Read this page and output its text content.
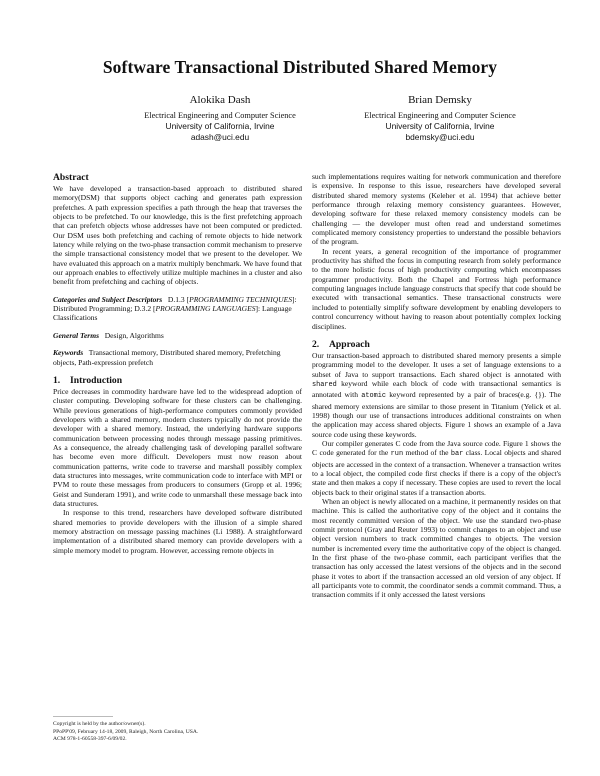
Software Transactional Distributed Shared Memory
Alokika Dash
Electrical Engineering and Computer Science
University of California, Irvine
adash@uci.edu
Brian Demsky
Electrical Engineering and Computer Science
University of California, Irvine
bdemsky@uci.edu
Abstract

We have developed a transaction-based approach to distributed shared memory(DSM) that supports object caching and generates path expression prefetches. A path expression specifies a path through the heap that traverses the objects to be prefetched. To our knowledge, this is the first prefetching approach that can prefetch objects whose addresses have not been computed or predicted. Our DSM uses both prefetching and caching of remote objects to hide network latency while relying on the two-phase transaction commit mechanism to preserve the simple transactional consistency model that we present to the developer. We have evaluated this approach on a matrix multiply benchmark. We have found that our approach enables to effectively utilize multiple machines in a cluster and also benefit from prefetching and caching of objects.

Categories and Subject Descriptors D.1.3 [PROGRAMMING TECHNIQUES]: Distributed Programming; D.3.2 [PROGRAMMING LANGUAGES]: Language Classifications

General Terms Design, Algorithms

Keywords Transactional memory, Distributed shared memory, Prefetching objects, Path-expression prefetch

1. Introduction

Price decreases in commodity hardware have led to the widespread adoption of cluster computing. Developing software for these clusters can be challenging. While previous generations of high-performance computers commonly provided developers with a shared memory, modern clusters typically do not provide the developer with a shared memory. Instead, the underlying hardware supports communication between processing nodes through message passing primitives. As a consequence, the already challenging task of developing parallel software has become even more difficult. Developers must now reason about communication patterns, write code to traverse and marshall possibly complex data structures into messages, write communication code to interface with MPI or PVM to route these messages from producers to consumers (Gropp et al. 1996; Geist and Sunderam 1991), and write code to unmarshall these message back into data structures.

In response to this trend, researchers have developed software distributed shared memories to provide developers with the illusion of a simple shared memory abstraction on message passing machines (Li 1988). A straightforward implementation of a distributed shared memory can provide developers with a simple memory model to program. However, accessing remote objects in

such implementations requires waiting for network communication and therefore is expensive. In response to this issue, researchers have developed several distributed shared memory systems (Keleher et al. 1994) that achieve better performance through relaxing memory consistency guarantees. However, developing software for these relaxed memory consistency models can be challenging — the developer must often read and understand sometimes complicated memory consistency properties to understand the possible behaviors of the program.

In recent years, a general recognition of the importance of programmer productivity has shifted the focus in computing research from solely performance to the more holistic focus of high productivity computing which encompasses programmer productivity. Both the Chapel and Fortress high performance computing languages include language constructs that specify that code should be executed with transactional semantics. These transactional constructs were included to potentially simplify software development by enabling developers to control concurrency without having to reason about potentially complex locking disciplines.

2. Approach

Our transaction-based approach to distributed shared memory presents a simple programming model to the developer. It uses a set of language extensions to a subset of Java to support transactions. Each shared object is annotated with shared keyword while each block of code with transactional semantics is annotated with atomic keyword represented by a pair of braces(e.g. {}). The shared memory extensions are similar to those present in Titanium (Yelick et al. 1998) though our use of transactions introduces additional constraints on when the application may access shared objects. Figure 1 shows an example of a Java source code using these keywords.

Our compiler generates C code from the Java source code. Figure 1 shows the C code generated for the run method of the bar class. Local objects and shared objects are accessed in the context of a transaction. Whenever a transaction writes to a local object, the compiled code first checks if there is a copy of the object's state and then makes a copy if necessary. These copies are used to revert the local objects back to their original states if a transaction aborts.

When an object is newly allocated on a machine, it permanently resides on that machine. This is called the authoritative copy of the object and it contains the most recently committed version of the object. We use the standard two-phase commit protocol (Gray and Reuter 1993) to commit changes to an object and use object version numbers to track committed changes to objects. The version number is incremented every time the authoritative copy of the object is changed. In the first phase of the two-phase commit, each participant verifies that the transaction has only accessed the latest versions of the objects and in the second phase it votes to abort if the transaction accessed an old version of any object. If all participants vote to commit, the coordinator sends a commit command. Thus, a transaction commits if it only accessed the latest versions

Copyright is held by the author/owner(s).
PPoPP'09, February 14-18, 2009, Raleigh, North Carolina, USA.
ACM 978-1-60558-397-6/09/02.
